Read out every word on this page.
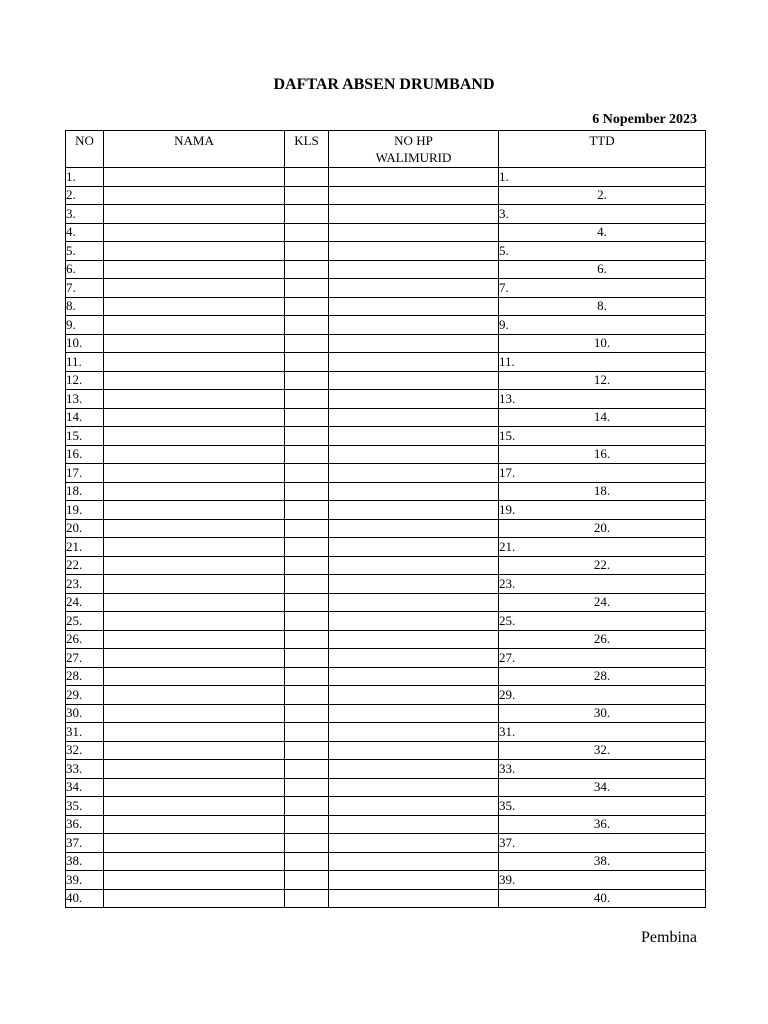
DAFTAR ABSEN DRUMBAND
6 Nopember 2023
NO	NAMA	KLS	NO HP
WALIMURID	TTD
1.				1.
2.				2.
3.				3.
4.				4.
5.				5.
6.				6.
7.				7.
8.				8.
9.				9.
10.				10.
11.				11.
12.				12.
13.				13.
14.				14.
15.				15.
16.				16.
17.				17.
18.				18.
19.				19.
20.				20.
21.				21.
22.				22.
23.				23.
24.				24.
25.				25.
26.				26.
27.				27.
28.				28.
29.				29.
30.				30.
31.				31.
32.				32.
33.				33.
34.				34.
35.				35.
36.				36.
37.				37.
38.				38.
39.				39.
40.				40.
Pembina
